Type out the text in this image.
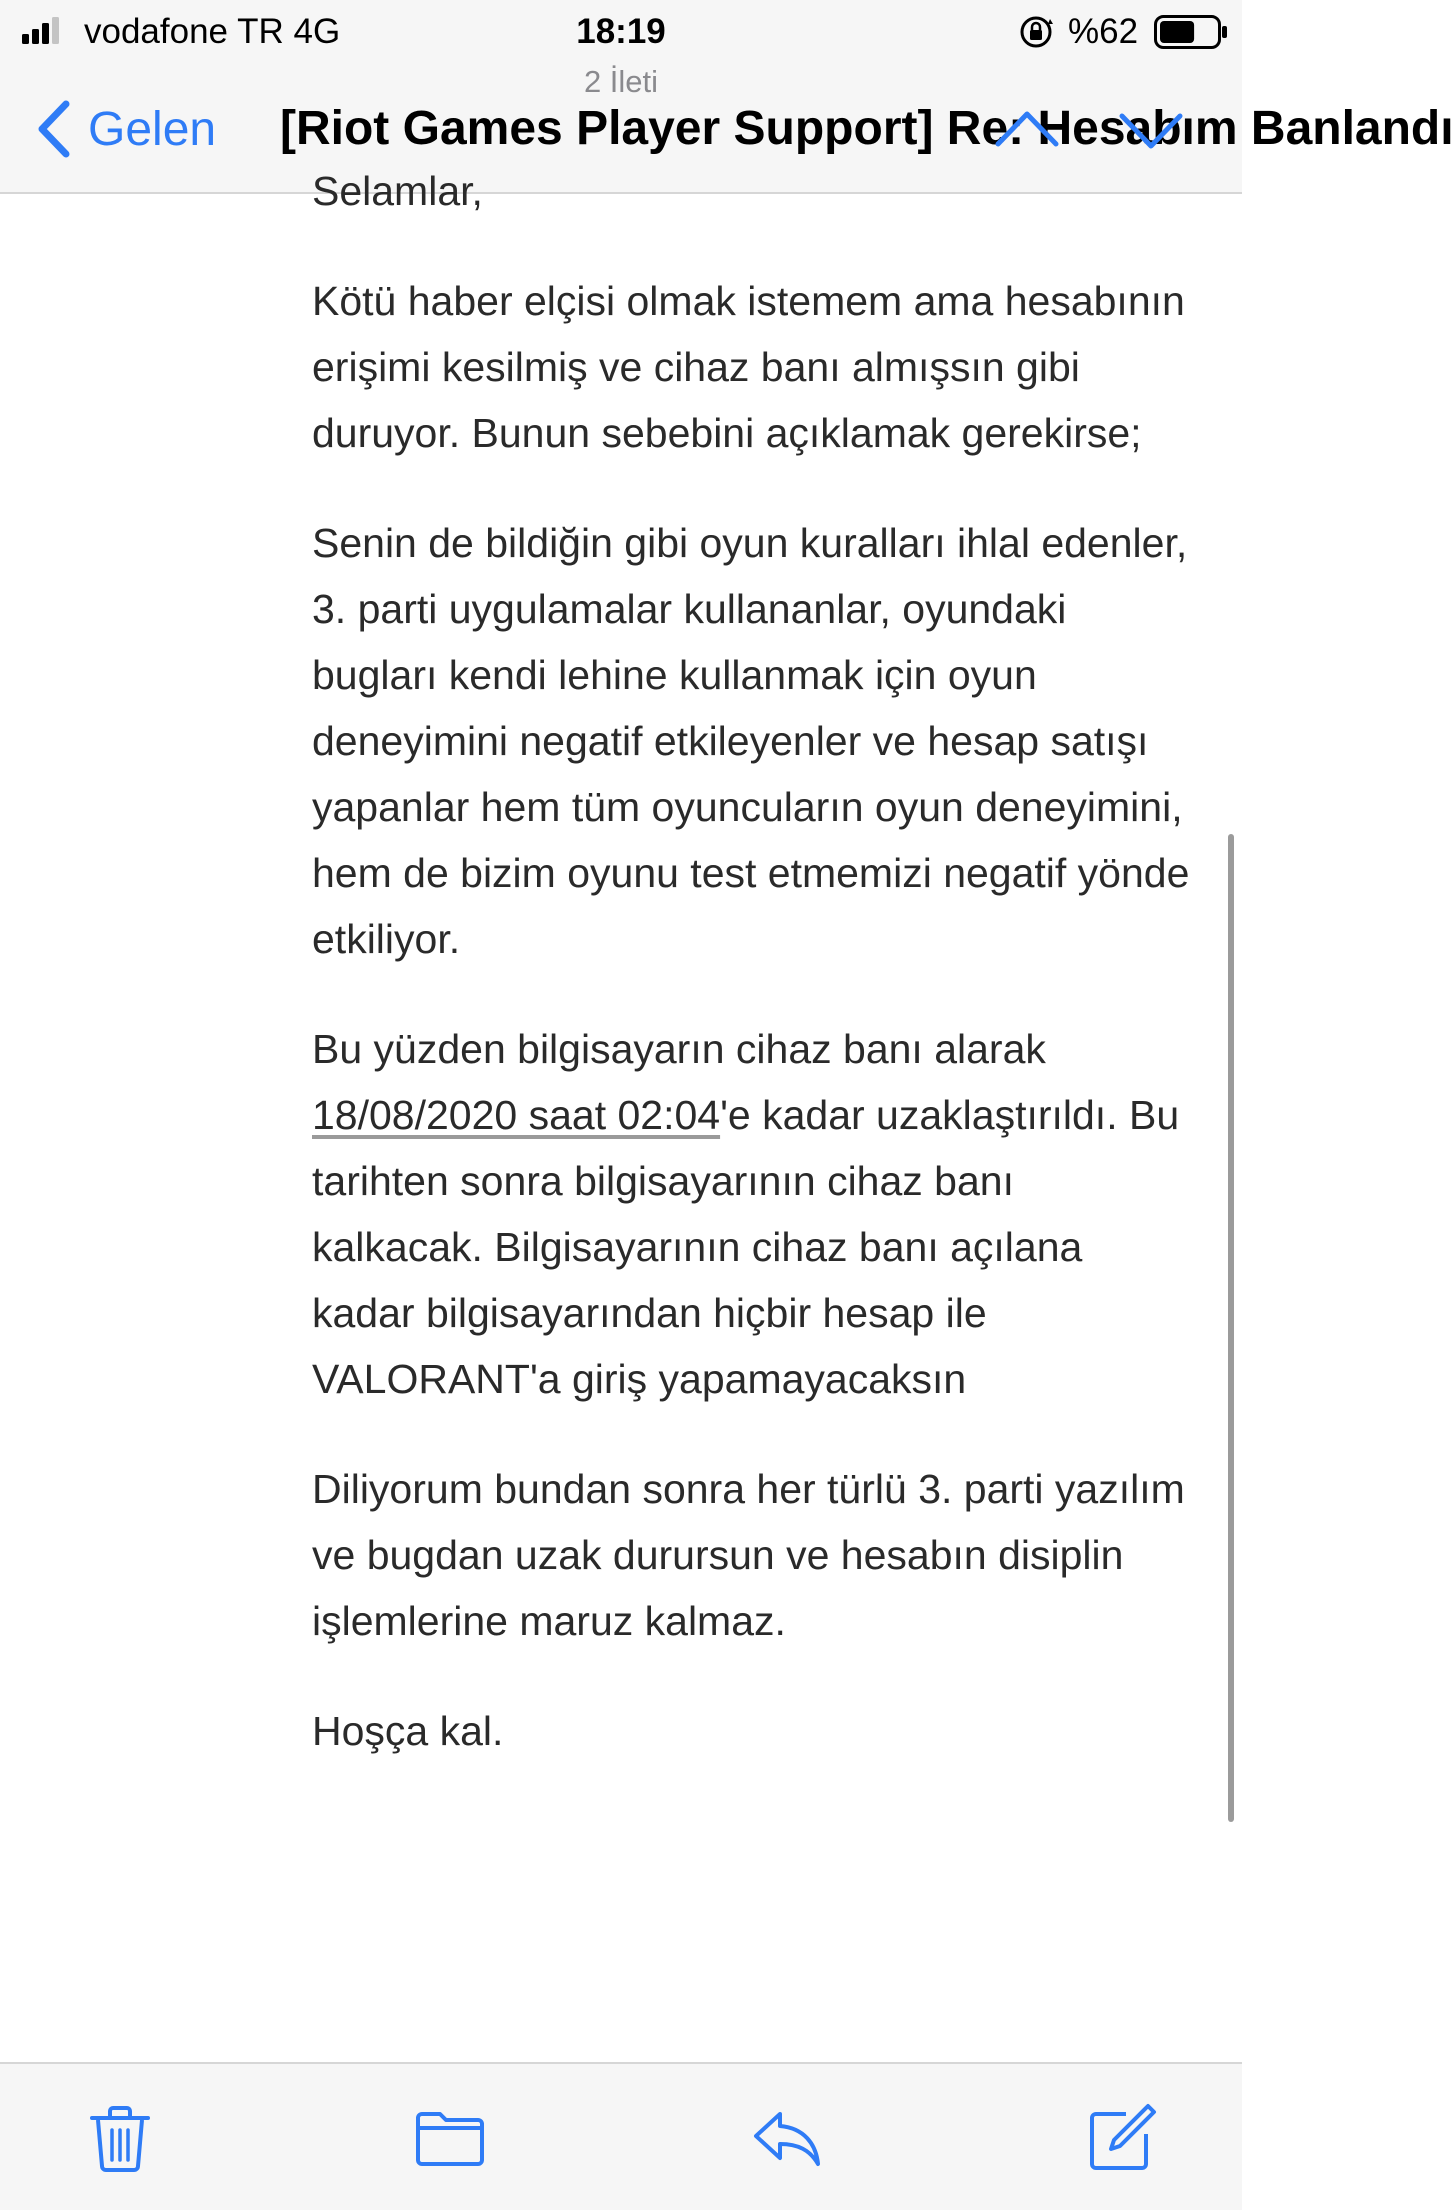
vodafone TR 4G	18:19	%62
2 İleti
Gelen [Riot Games Player Support] Re: Hesabım Banlandı

Selamlar,

Kötü haber elçisi olmak istemem ama hesabının erişimi kesilmiş ve cihaz banı almışsın gibi duruyor. Bunun sebebini açıklamak gerekirse;

Senin de bildiğin gibi oyun kuralları ihlal edenler, 3. parti uygulamalar kullananlar, oyundaki bugları kendi lehine kullanmak için oyun deneyimini negatif etkileyenler ve hesap satışı yapanlar hem tüm oyuncuların oyun deneyimini, hem de bizim oyunu test etmemizi negatif yönde etkiliyor.

Bu yüzden bilgisayarın cihaz banı alarak 18/08/2020 saat 02:04'e kadar uzaklaştırıldı. Bu tarihten sonra bilgisayarının cihaz banı kalkacak. Bilgisayarının cihaz banı açılana kadar bilgisayarından hiçbir hesap ile VALORANT'a giriş yapamayacaksın

Diliyorum bundan sonra her türlü 3. parti yazılım ve bugdan uzak durursun ve hesabın disiplin işlemlerine maruz kalmaz.

Hoşça kal.
